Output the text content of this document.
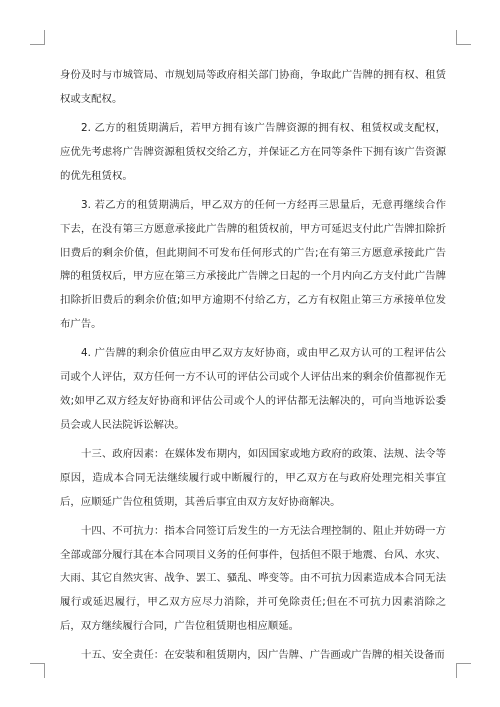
身份及时与市城管局、市规划局等政府相关部门协商，争取此广告牌的拥有权、租赁权或支配权。

2. 乙方的租赁期满后，若甲方拥有该广告牌资源的拥有权、租赁权或支配权，应优先考虑将广告牌资源租赁权交给乙方，并保证乙方在同等条件下拥有该广告资源的优先租赁权。

3. 若乙方的租赁期满后，甲乙双方的任何一方经再三思量后，无意再继续合作下去，在没有第三方愿意承接此广告牌的租赁权前，甲方可延迟支付此广告牌扣除折旧费后的剩余价值，但此期间不可发布任何形式的广告;在有第三方愿意承接此广告牌的租赁权后，甲方应在第三方承接此广告牌之日起的一个月内向乙方支付此广告牌扣除折旧费后的剩余价值;如甲方逾期不付给乙方，乙方有权阻止第三方承接单位发布广告。

4. 广告牌的剩余价值应由甲乙双方友好协商，或由甲乙双方认可的工程评估公司或个人评估，双方任何一方不认可的评估公司或个人评估出来的剩余价值都视作无效;如甲乙双方经友好协商和评估公司或个人的评估都无法解决的，可向当地诉讼委员会或人民法院诉讼解决。

十三、政府因素：在媒体发布期内，如因国家或地方政府的政策、法规、法令等原因，造成本合同无法继续履行或中断履行的，甲乙双方在与政府处理完相关事宜后，应顺延广告位租赁期，其善后事宜由双方友好协商解决。

十四、不可抗力：指本合同签订后发生的一方无法合理控制的、阻止并妨碍一方全部或部分履行其在本合同项目义务的任何事件，包括但不限于地震、台风、水灾、大雨、其它自然灾害、战争、罢工、骚乱、哗变等。由不可抗力因素造成本合同无法履行或延迟履行，甲乙双方应尽力消除，并可免除责任;但在不可抗力因素消除之后，双方继续履行合同，广告位租赁期也相应顺延。

十五、安全责任：在安装和租赁期内，因广告牌、广告画或广告牌的相关设备而
